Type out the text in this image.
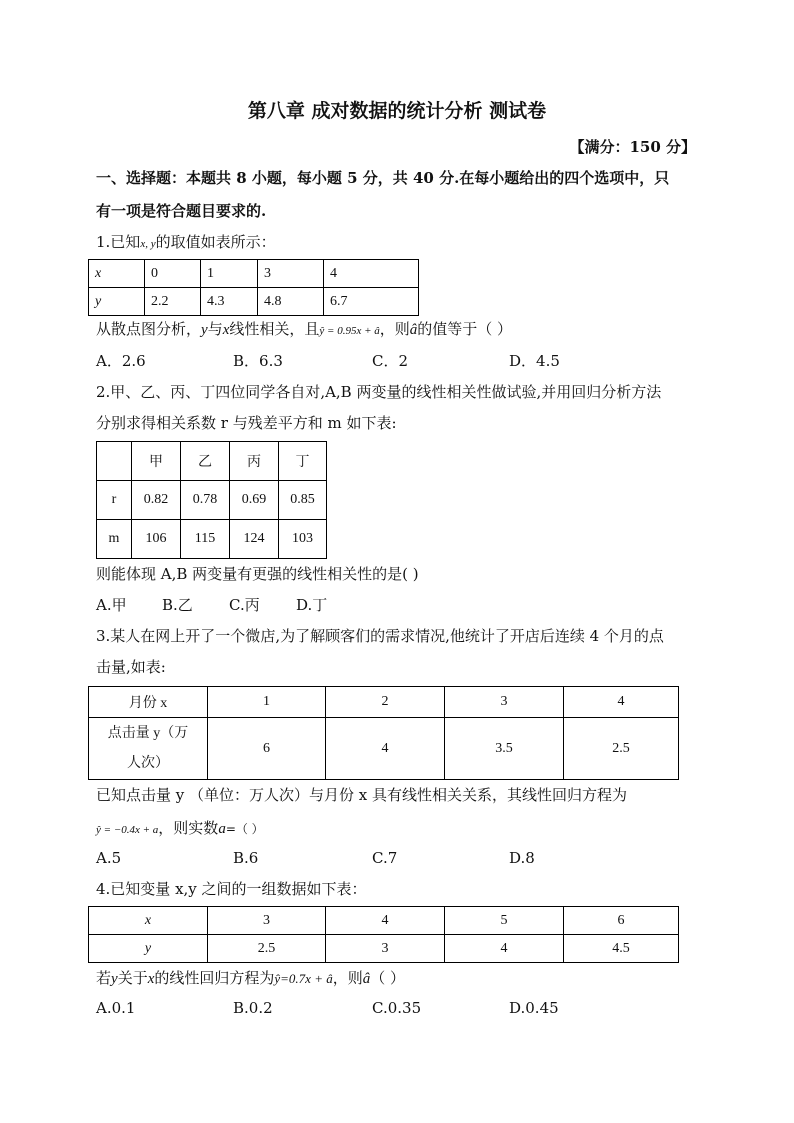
第八章 成对数据的统计分析 测试卷
【满分：150 分】
一、选择题：本题共 8 小题，每小题 5 分，共 40 分.在每小题给出的四个选项中，只
有一项是符合题目要求的.
1.已知x, y的取值如表所示：
x	0	1	3	4
y	2.2	4.3	4.8	6.7
从散点图分析，y与x线性相关，且ŷ = 0.95x + â，则â的值等于（ ）
A．2.6	B．6.3	C．2	D．4.5
2.甲、乙、丙、丁四位同学各自对,A,B 两变量的线性相关性做试验,并用回归分析方法
分别求得相关系数 r 与残差平方和 m 如下表:
	甲	乙	丙	丁
r	0.82	0.78	0.69	0.85
m	106	115	124	103
则能体现 A,B 两变量有更强的线性相关性的是( )
A.甲 B.乙 C.丙 D.丁
3.某人在网上开了一个微店,为了解顾客们的需求情况,他统计了开店后连续 4 个月的点
击量,如表:
月份 x	1	2	3	4

点击量 y（万
人次）	6	4	3.5	2.5
已知点击量 y （单位：万人次）与月份 x 具有线性相关关系，其线性回归方程为
ŷ = −0.4x + a，则实数a=（ ）
A.5	B.6	C.7	D.8
4.已知变量 x,y 之间的一组数据如下表：
x	3	4	5	6
y	2.5	3	4	4.5
若y关于x的线性回归方程为ŷ=0.7x + â，则â（ ）
A.0.1	B.0.2	C.0.35	D.0.45
